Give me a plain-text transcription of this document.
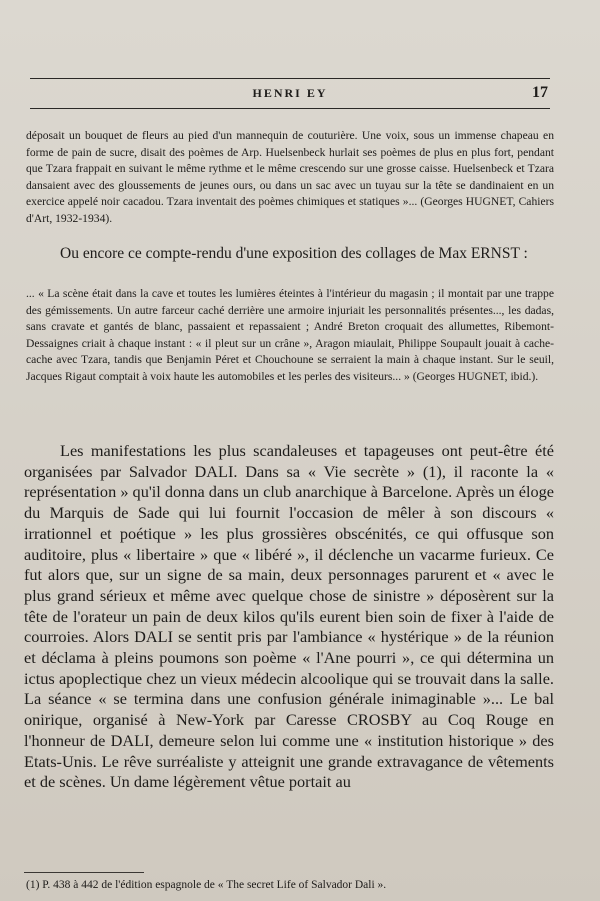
HENRI EY	17

déposait un bouquet de fleurs au pied d'un mannequin de couturière. Une voix, sous un immense chapeau en forme de pain de sucre, disait des poèmes de Arp. Huelsenbeck hurlait ses poèmes de plus en plus fort, pendant que Tzara frappait en suivant le même rythme et le même crescendo sur une grosse caisse. Huelsenbeck et Tzara dansaient avec des gloussements de jeunes ours, ou dans un sac avec un tuyau sur la tête se dandinaient en un exercice appelé noir cacadou. Tzara inventait des poèmes chimiques et statiques »... (Georges HUGNET, Cahiers d'Art, 1932-1934).

Ou encore ce compte-rendu d'une exposition des collages de Max ERNST :

... « La scène était dans la cave et toutes les lumières éteintes à l'intérieur du magasin ; il montait par une trappe des gémissements. Un autre farceur caché derrière une armoire injuriait les personnalités présentes..., les dadas, sans cravate et gantés de blanc, passaient et repassaient ; André Breton croquait des allumettes, Ribemont-Dessaignes criait à chaque instant : « il pleut sur un crâne », Aragon miaulait, Philippe Soupault jouait à cache-cache avec Tzara, tandis que Benjamin Péret et Chouchoune se serraient la main à chaque instant. Sur le seuil, Jacques Rigaut comptait à voix haute les automobiles et les perles des visiteurs... » (Georges HUGNET, ibid.).

Les manifestations les plus scandaleuses et tapageuses ont peut-être été organisées par Salvador DALI. Dans sa « Vie secrète » (1), il raconte la « représentation » qu'il donna dans un club anarchique à Barcelone. Après un éloge du Marquis de Sade qui lui fournit l'occasion de mêler à son discours « irrationnel et poétique » les plus grossières obscénités, ce qui offusque son auditoire, plus « libertaire » que « libéré », il déclenche un vacarme furieux. Ce fut alors que, sur un signe de sa main, deux personnages parurent et « avec le plus grand sérieux et même avec quelque chose de sinistre » déposèrent sur la tête de l'orateur un pain de deux kilos qu'ils eurent bien soin de fixer à l'aide de courroies. Alors DALI se sentit pris par l'ambiance « hystérique » de la réunion et déclama à pleins poumons son poème « l'Ane pourri », ce qui détermina un ictus apoplectique chez un vieux médecin alcoolique qui se trouvait dans la salle. La séance « se termina dans une confusion générale inimaginable »... Le bal onirique, organisé à New-York par Caresse CROSBY au Coq Rouge en l'honneur de DALI, demeure selon lui comme une « institution historique » des Etats-Unis. Le rêve surréaliste y atteignit une grande extravagance de vêtements et de scènes. Un dame légèrement vêtue portait au

(1) P. 438 à 442 de l'édition espagnole de « The secret Life of Salvador Dali ».
